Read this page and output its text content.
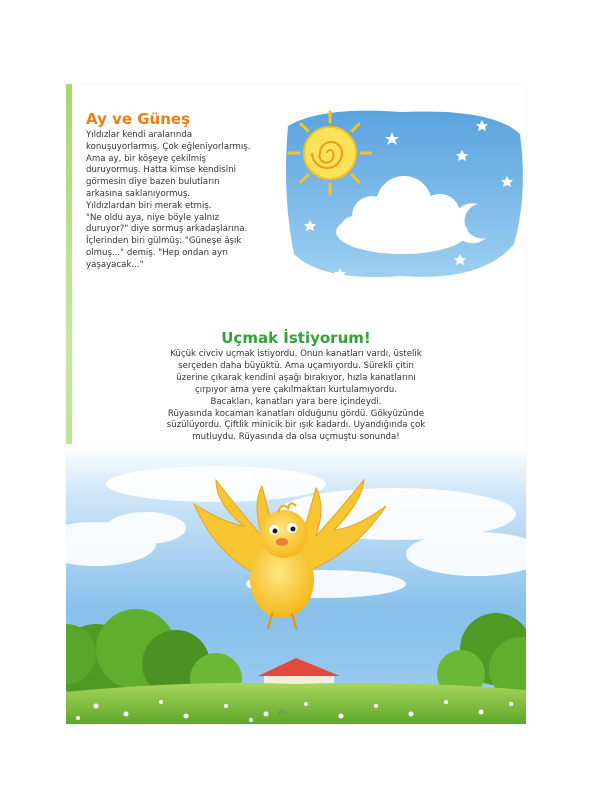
Ay ve Güneş
Yıldızlar kendi aralarında
konuşuyorlarmış. Çok eğleniyorlarmış.
Ama ay, bir köşeye çekilmiş
duruyormuş. Hatta kimse kendisini
görmesin diye bazen bulutların
arkasına saklanıyormuş.
Yıldızlardan biri merak etmiş.
"Ne oldu aya, niye böyle yalnız
duruyor?" diye sormuş arkadaşlarına.
İçlerinden biri gülmüş: "Güneşe âşık
olmuş..." demiş. "Hep ondan ayrı
yaşayacak..."
Uçmak İstiyorum!
Küçük civciv uçmak istiyordu. Onun kanatları vardı, üstelik
serçeden daha büyüktü. Ama uçamıyordu. Sürekli çitin
üzerine çıkarak kendini aşağı bırakıyor, hızla kanatlarını
çırpıyor ama yere çakılmaktan kurtulamıyordu.
Bacakları, kanatları yara bere içindeydi.
Rüyasında kocaman kanatları olduğunu gördü. Gökyüzünde
süzülüyordu. Çiftlik minicik bir ışık kadardı. Uyandığında çok
mutluydu. Rüyasında da olsa uçmuştu sonunda!
20
